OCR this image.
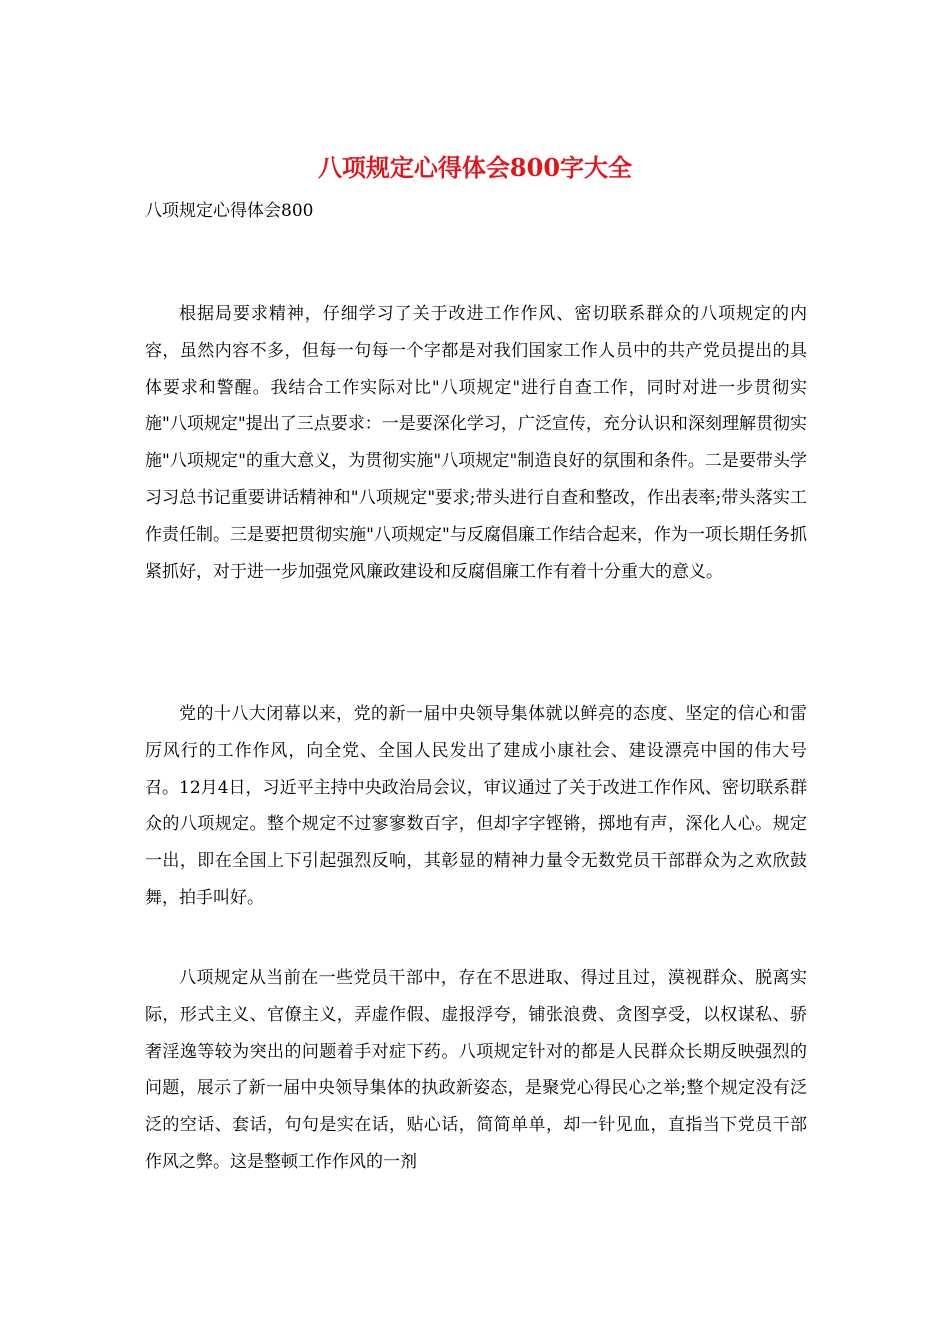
八项规定心得体会800字大全

八项规定心得体会800

根据局要求精神，仔细学习了关于改进工作作风、密切联系群众的八项规定的内容，虽然内容不多，但每一句每一个字都是对我们国家工作人员中的共产党员提出的具体要求和警醒。我结合工作实际对比"八项规定"进行自查工作，同时对进一步贯彻实施"八项规定"提出了三点要求：一是要深化学习，广泛宣传，充分认识和深刻理解贯彻实施"八项规定"的重大意义，为贯彻实施"八项规定"制造良好的氛围和条件。二是要带头学习习总书记重要讲话精神和"八项规定"要求;带头进行自查和整改，作出表率;带头落实工作责任制。三是要把贯彻实施"八项规定"与反腐倡廉工作结合起来，作为一项长期任务抓紧抓好，对于进一步加强党风廉政建设和反腐倡廉工作有着十分重大的意义。

党的十八大闭幕以来，党的新一届中央领导集体就以鲜亮的态度、坚定的信心和雷厉风行的工作作风，向全党、全国人民发出了建成小康社会、建设漂亮中国的伟大号召。12月4日，习近平主持中央政治局会议，审议通过了关于改进工作作风、密切联系群众的八项规定。整个规定不过寥寥数百字，但却字字铿锵，掷地有声，深化人心。规定一出，即在全国上下引起强烈反响，其彰显的精神力量令无数党员干部群众为之欢欣鼓舞，拍手叫好。

八项规定从当前在一些党员干部中，存在不思进取、得过且过，漠视群众、脱离实际，形式主义、官僚主义，弄虚作假、虚报浮夸，铺张浪费、贪图享受，以权谋私、骄奢淫逸等较为突出的问题着手对症下药。八项规定针对的都是人民群众长期反映强烈的问题，展示了新一届中央领导集体的执政新姿态，是聚党心得民心之举;整个规定没有泛泛的空话、套话，句句是实在话，贴心话，简简单单，却一针见血，直指当下党员干部作风之弊。这是整顿工作作风的一剂
